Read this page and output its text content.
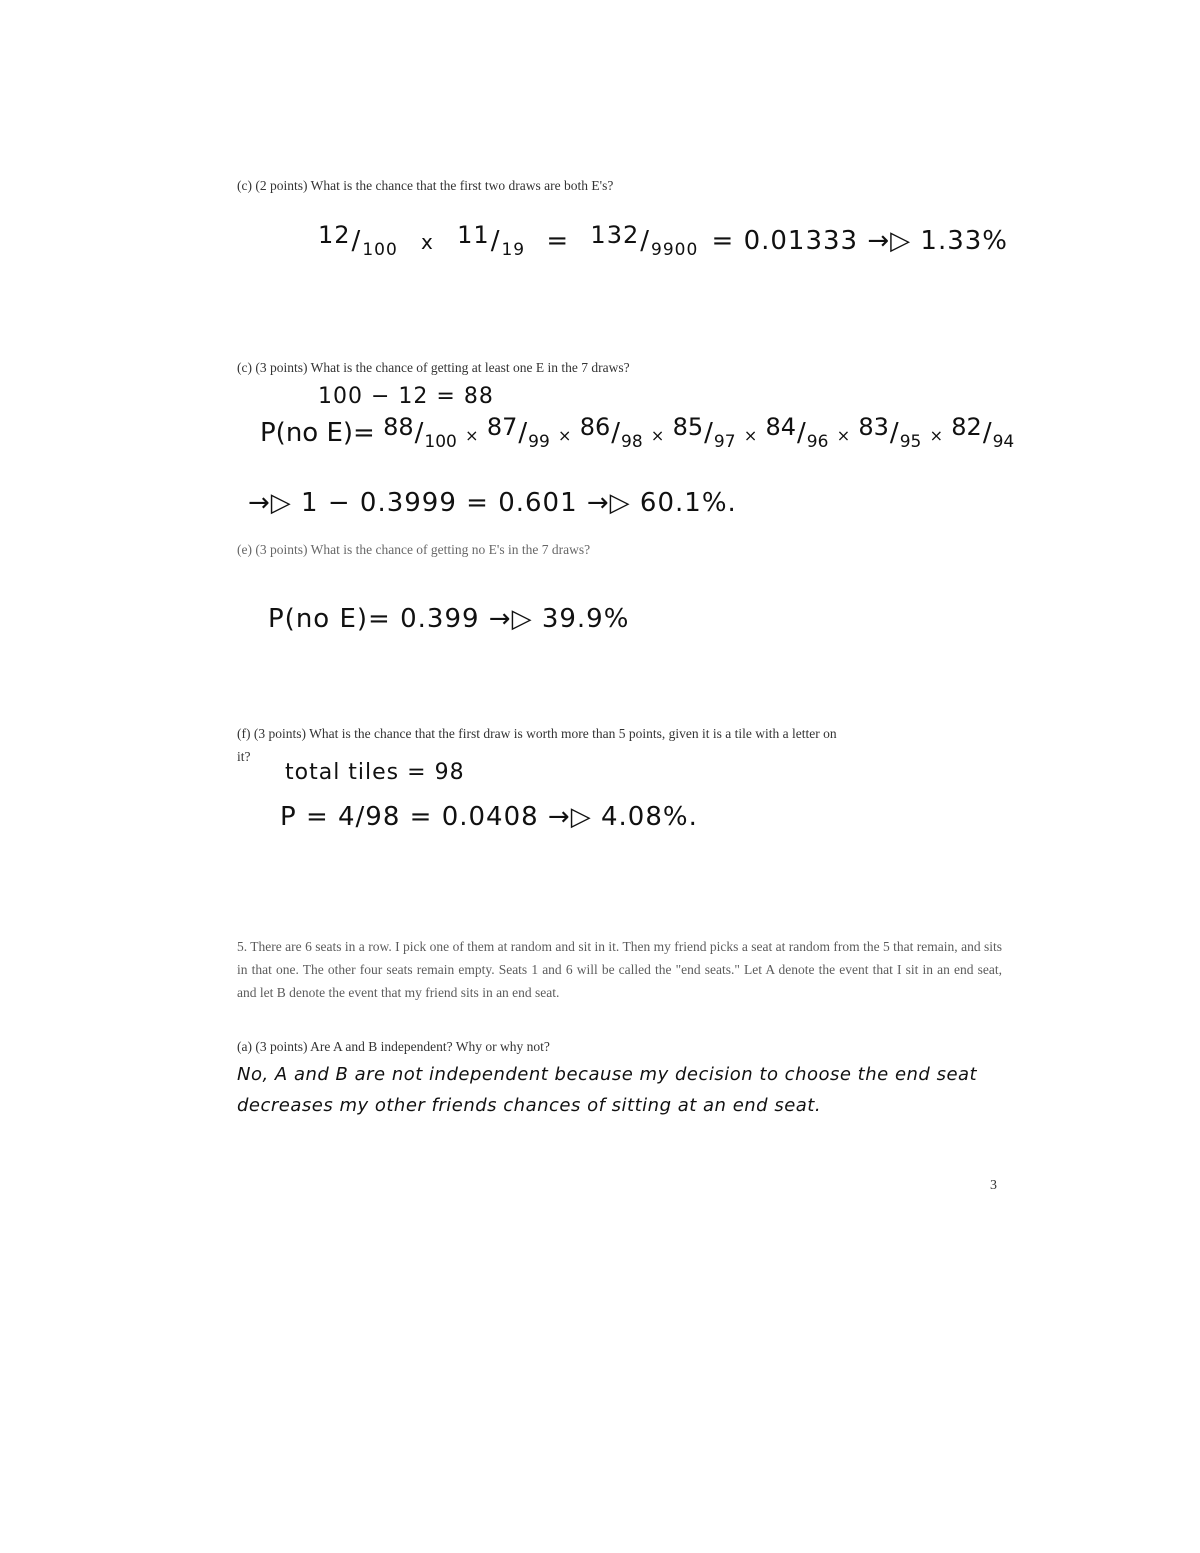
(c) (2 points) What is the chance that the first two draws are both E's?
$12/_{100}$ x $11/_{19} = 132/_{9900} = 0.01333$ →▷ 1.33%
(c) (3 points) What is the chance of getting at least one E in the 7 draws?
100 − 12 = 88
P(no $E)= 88/_{100} \times 87/_{99} \times 86/_{98} \times 85/_{97} \times 84/_{96} \times 83/_{95} \times 82/_{94}$
→▷ 1 − 0.3999 = 0.601 →▷ 60.1%.
(e) (3 points) What is the chance of getting no E's in the 7 draws?
P(no E)= 0.399 →▷ 39.9%
(f) (3 points) What is the chance that the first draw is worth more than 5 points, given it is a tile with a letter on
it?
total tiles = 98
P = 4/98 = 0.0408 →▷ 4.08%.
5. There are 6 seats in a row. I pick one of them at random and sit in it. Then my friend picks a seat at random from the 5 that remain, and sits in that one. The other four seats remain empty. Seats 1 and 6 will be called the "end seats." Let A denote the event that I sit in an end seat, and let B denote the event that my friend sits in an end seat.
(a) (3 points) Are A and B independent? Why or why not?
No, A and B are not independent because my decision to choose the end seat
decreases my other friends chances of sitting at an end seat.
3
